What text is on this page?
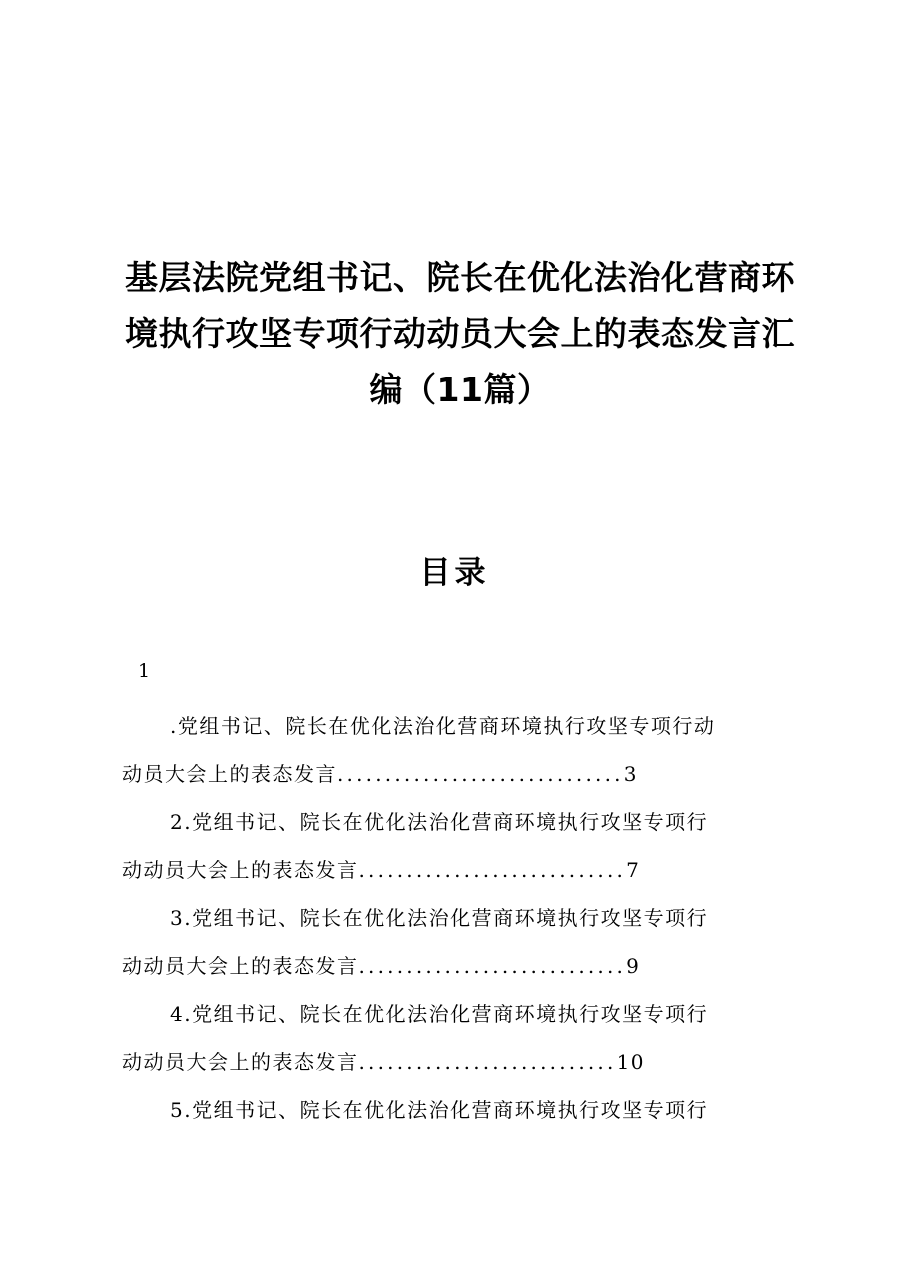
基层法院党组书记、院长在优化法治化营商环境执行攻坚专项行动动员大会上的表态发言汇编（11篇）
目录
1
.党组书记、院长在优化法治化营商环境执行攻坚专项行动
动员大会上的表态发言..............................3
2.党组书记、院长在优化法治化营商环境执行攻坚专项行
动动员大会上的表态发言............................7
3.党组书记、院长在优化法治化营商环境执行攻坚专项行
动动员大会上的表态发言............................9
4.党组书记、院长在优化法治化营商环境执行攻坚专项行
动动员大会上的表态发言...........................10
5.党组书记、院长在优化法治化营商环境执行攻坚专项行
